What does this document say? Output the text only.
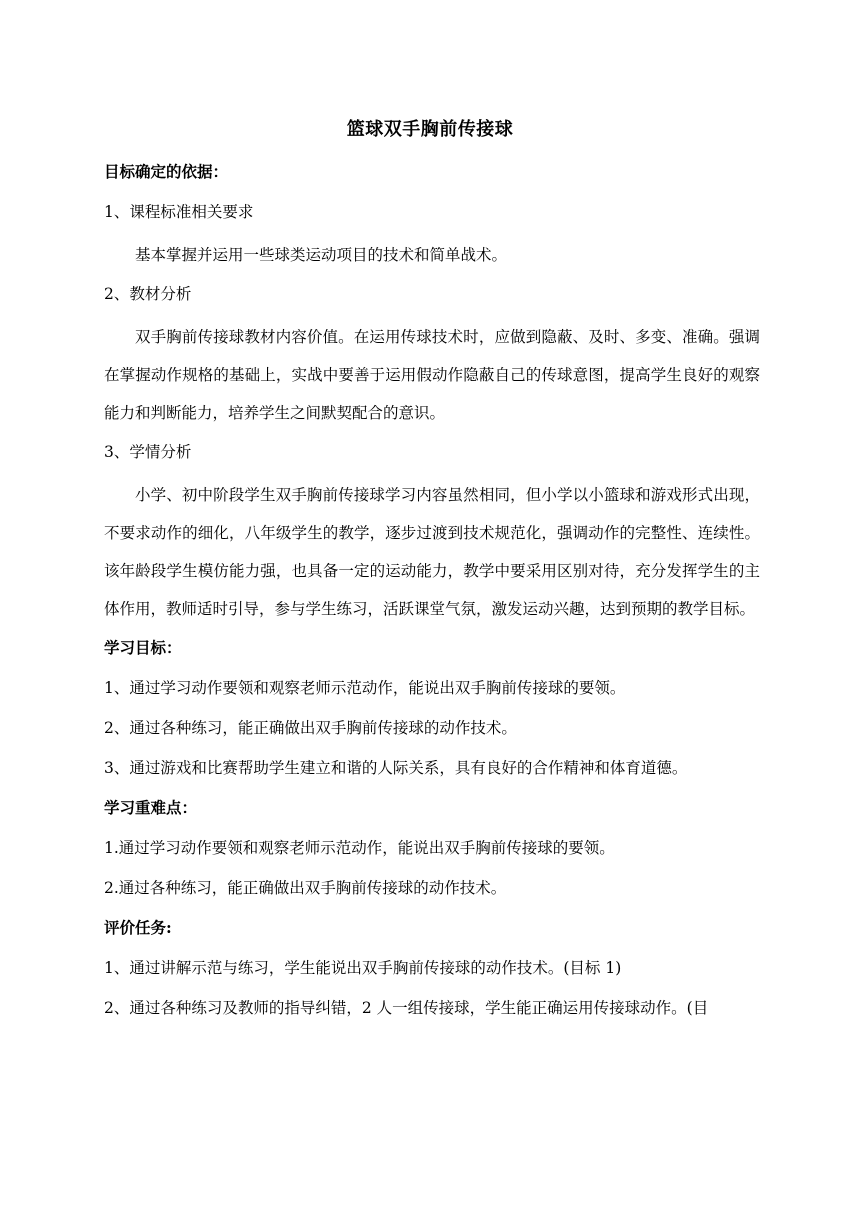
篮球双手胸前传接球
目标确定的依据：
1、课程标准相关要求
基本掌握并运用一些球类运动项目的技术和简单战术。
2、教材分析
双手胸前传接球教材内容价值。在运用传球技术时，应做到隐蔽、及时、多变、准确。强调在掌握动作规格的基础上，实战中要善于运用假动作隐蔽自己的传球意图，提高学生良好的观察能力和判断能力，培养学生之间默契配合的意识。
3、学情分析
小学、初中阶段学生双手胸前传接球学习内容虽然相同，但小学以小篮球和游戏形式出现，不要求动作的细化，八年级学生的教学，逐步过渡到技术规范化，强调动作的完整性、连续性。该年龄段学生模仿能力强，也具备一定的运动能力，教学中要采用区别对待，充分发挥学生的主体作用，教师适时引导，参与学生练习，活跃课堂气氛，激发运动兴趣，达到预期的教学目标。
学习目标：
1、通过学习动作要领和观察老师示范动作，能说出双手胸前传接球的要领。
2、通过各种练习，能正确做出双手胸前传接球的动作技术。
3、通过游戏和比赛帮助学生建立和谐的人际关系，具有良好的合作精神和体育道德。
学习重难点：
1.通过学习动作要领和观察老师示范动作，能说出双手胸前传接球的要领。
2.通过各种练习，能正确做出双手胸前传接球的动作技术。
评价任务:
1、通过讲解示范与练习，学生能说出双手胸前传接球的动作技术。(目标 1)
2、通过各种练习及教师的指导纠错，2 人一组传接球，学生能正确运用传接球动作。(目
